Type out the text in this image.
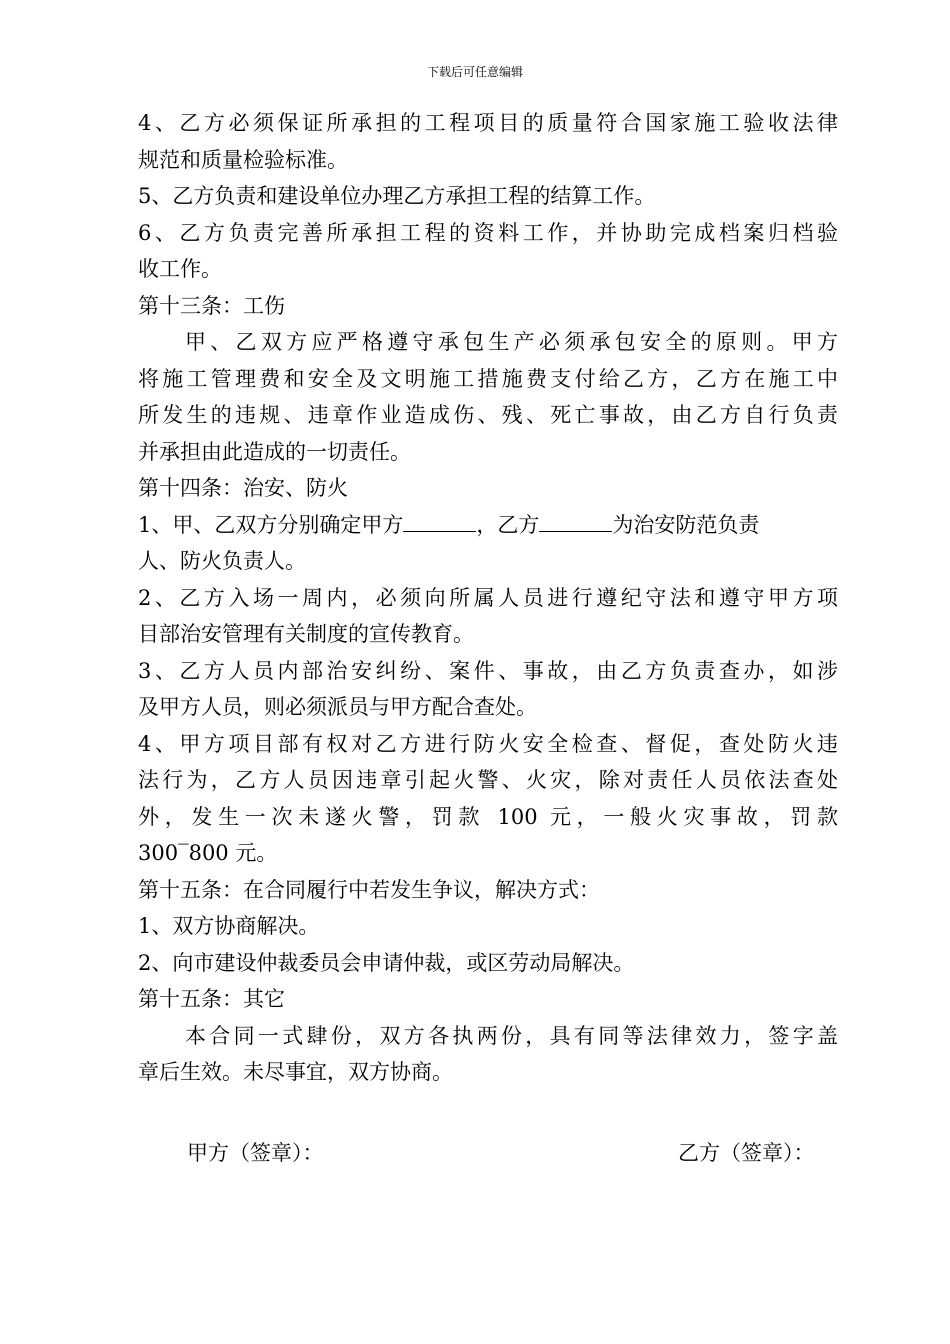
下载后可任意编辑
4、乙方必须保证所承担的工程项目的质量符合国家施工验收法律
规范和质量检验标准。
5、乙方负责和建设单位办理乙方承担工程的结算工作。
6、乙方负责完善所承担工程的资料工作，并协助完成档案归档验
收工作。
第十三条：工伤
甲、乙双方应严格遵守承包生产必须承包安全的原则。甲方
将施工管理费和安全及文明施工措施费支付给乙方，乙方在施工中
所发生的违规、违章作业造成伤、残、死亡事故，由乙方自行负责
并承担由此造成的一切责任。
第十四条：治安、防火
1、甲、乙双方分别确定甲方	，乙方	为治安防范负责
人、防火负责人。
2、乙方入场一周内，必须向所属人员进行遵纪守法和遵守甲方项
目部治安管理有关制度的宣传教育。
3、乙方人员内部治安纠纷、案件、事故，由乙方负责查办，如涉
及甲方人员，则必须派员与甲方配合查处。
4、甲方项目部有权对乙方进行防火安全检查、督促，查处防火违
法行为，乙方人员因违章引起火警、火灾，除对责任人员依法查处
外，发生一次未遂火警，罚款 100 元，一般火灾事故，罚款
300‾800 元。
第十五条：在合同履行中若发生争议，解决方式：
1、双方协商解决。
2、向市建设仲裁委员会申请仲裁，或区劳动局解决。
第十五条：其它
本合同一式肆份，双方各执两份，具有同等法律效力，签字盖
章后生效。未尽事宜，双方协商。
甲方（签章）：	乙方（签章）：
